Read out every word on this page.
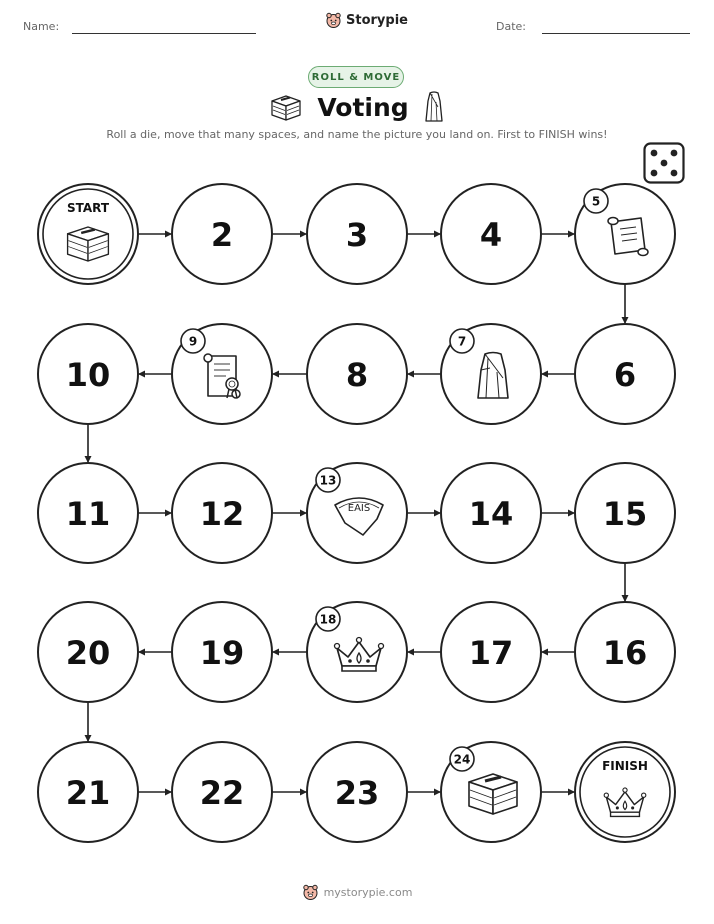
Name:	Storypie	Date:
ROLL & MOVE
Voting
Roll a die, move that many spaces, and name the picture you land on. First to FINISH wins!
START
2	3	4
5
6
7
8
9
10
11	12	EAIS
13
14	15
16
17
18
19
20
21	22	23
24	FINISH
mystorypie.com
